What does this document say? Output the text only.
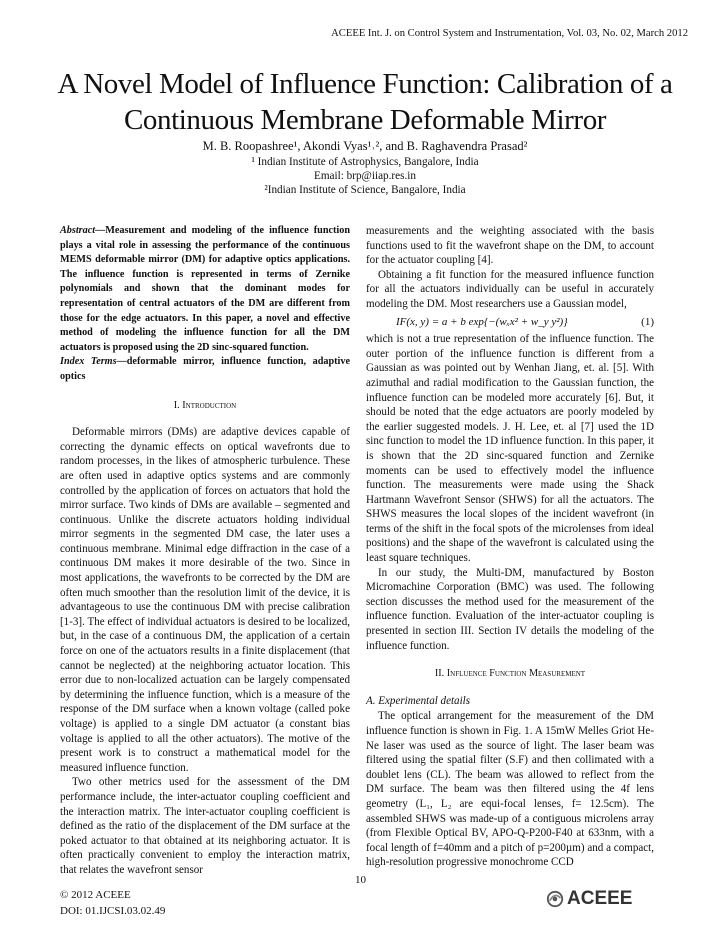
ACEEE Int. J. on Control System and Instrumentation, Vol. 03, No. 02, March 2012
A Novel Model of Influence Function: Calibration of a
Continuous Membrane Deformable Mirror
M. B. Roopashree¹, Akondi Vyas¹˒², and B. Raghavendra Prasad²
¹ Indian Institute of Astrophysics, Bangalore, India
Email: brp@iiap.res.in
²Indian Institute of Science, Bangalore, India

Abstract—Measurement and modeling of the influence function plays a vital role in assessing the performance of the continuous MEMS deformable mirror (DM) for adaptive optics applications. The influence function is represented in terms of Zernike polynomials and shown that the dominant modes for representation of central actuators of the DM are different from those for the edge actuators. In this paper, a novel and effective method of modeling the influence function for all the DM actuators is proposed using the 2D sinc-squared function.

Index Terms—deformable mirror, influence function, adaptive optics

I. Introduction

Deformable mirrors (DMs) are adaptive devices capable of correcting the dynamic effects on optical wavefronts due to random processes, in the likes of atmospheric turbulence. These are often used in adaptive optics systems and are commonly controlled by the application of forces on actuators that hold the mirror surface. Two kinds of DMs are available – segmented and continuous. Unlike the discrete actuators holding individual mirror segments in the segmented DM case, the later uses a continuous membrane. Minimal edge diffraction in the case of a continuous DM makes it more desirable of the two. Since in most applications, the wavefronts to be corrected by the DM are often much smoother than the resolution limit of the device, it is advantageous to use the continuous DM with precise calibration [1-3]. The effect of individual actuators is desired to be localized, but, in the case of a continuous DM, the application of a certain force on one of the actuators results in a finite displacement (that cannot be neglected) at the neighboring actuator location. This error due to non-localized actuation can be largely compensated by determining the influence function, which is a measure of the response of the DM surface when a known voltage (called poke voltage) is applied to a single DM actuator (a constant bias voltage is applied to all the other actuators). The motive of the present work is to construct a mathematical model for the measured influence function.

Two other metrics used for the assessment of the DM performance include, the inter-actuator coupling coefficient and the interaction matrix. The inter-actuator coupling coefficient is defined as the ratio of the displacement of the DM surface at the poked actuator to that obtained at its neighboring actuator. It is often practically convenient to employ the interaction matrix, that relates the wavefront sensor

measurements and the weighting associated with the basis functions used to fit the wavefront shape on the DM, to account for the actuator coupling [4].

Obtaining a fit function for the measured influence function for all the actuators individually can be useful in accurately modeling the DM. Most researchers use a Gaussian model,

IF(x, y) = a + b exp{−(wₓx² + w_y y²)}	(1)

which is not a true representation of the influence function. The outer portion of the influence function is different from a Gaussian as was pointed out by Wenhan Jiang, et. al. [5]. With azimuthal and radial modification to the Gaussian function, the influence function can be modeled more accurately [6]. But, it should be noted that the edge actuators are poorly modeled by the earlier suggested models. J. H. Lee, et. al [7] used the 1D sinc function to model the 1D influence function. In this paper, it is shown that the 2D sinc-squared function and Zernike moments can be used to effectively model the influence function. The measurements were made using the Shack Hartmann Wavefront Sensor (SHWS) for all the actuators. The SHWS measures the local slopes of the incident wavefront (in terms of the shift in the focal spots of the microlenses from ideal positions) and the shape of the wavefront is calculated using the least square techniques.

In our study, the Multi-DM, manufactured by Boston Micromachine Corporation (BMC) was used. The following section discusses the method used for the measurement of the influence function. Evaluation of the inter-actuator coupling is presented in section III. Section IV details the modeling of the influence function.

II. Influence Function Measurement
A. Experimental details

The optical arrangement for the measurement of the DM influence function is shown in Fig. 1. A 15mW Melles Griot He-Ne laser was used as the source of light. The laser beam was filtered using the spatial filter (S.F) and then collimated with a doublet lens (CL). The beam was allowed to reflect from the DM surface. The beam was then filtered using the 4f lens geometry (L₁, L₂ are equi-focal lenses, f= 12.5cm). The assembled SHWS was made-up of a contiguous microlens array (from Flexible Optical BV, APO-Q-P200-F40 at 633nm, with a focal length of f=40mm and a pitch of p=200µm) and a compact, high-resolution progressive monochrome CCD

10
© 2012 ACEEE
DOI: 01.IJCSI.03.02.49
ACEEE
